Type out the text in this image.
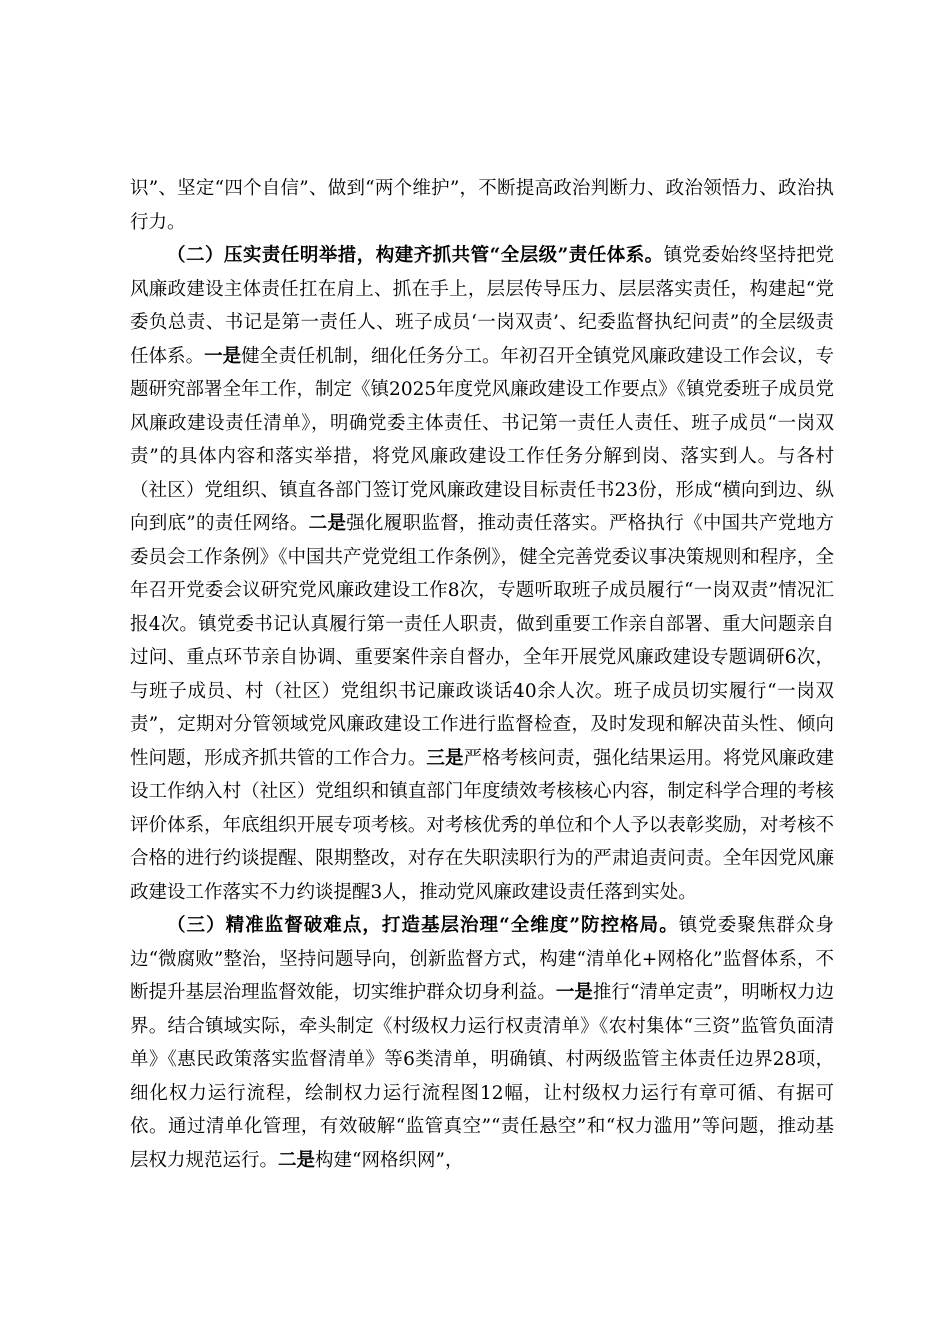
识”、坚定“四个自信”、做到“两个维护”，不断提高政治判断力、政治领悟力、政治执行力。

（二）压实责任明举措，构建齐抓共管“全层级”责任体系。镇党委始终坚持把党风廉政建设主体责任扛在肩上、抓在手上，层层传导压力、层层落实责任，构建起“党委负总责、书记是第一责任人、班子成员‘一岗双责’、纪委监督执纪问责”的全层级责任体系。一是健全责任机制，细化任务分工。年初召开全镇党风廉政建设工作会议，专题研究部署全年工作，制定《镇2025年度党风廉政建设工作要点》《镇党委班子成员党风廉政建设责任清单》，明确党委主体责任、书记第一责任人责任、班子成员“一岗双责”的具体内容和落实举措，将党风廉政建设工作任务分解到岗、落实到人。与各村（社区）党组织、镇直各部门签订党风廉政建设目标责任书23份，形成“横向到边、纵向到底”的责任网络。二是强化履职监督，推动责任落实。严格执行《中国共产党地方委员会工作条例》《中国共产党党组工作条例》，健全完善党委议事决策规则和程序，全年召开党委会议研究党风廉政建设工作8次，专题听取班子成员履行“一岗双责”情况汇报4次。镇党委书记认真履行第一责任人职责，做到重要工作亲自部署、重大问题亲自过问、重点环节亲自协调、重要案件亲自督办，全年开展党风廉政建设专题调研6次，与班子成员、村（社区）党组织书记廉政谈话40余人次。班子成员切实履行“一岗双责”，定期对分管领域党风廉政建设工作进行监督检查，及时发现和解决苗头性、倾向性问题，形成齐抓共管的工作合力。三是严格考核问责，强化结果运用。将党风廉政建设工作纳入村（社区）党组织和镇直部门年度绩效考核核心内容，制定科学合理的考核评价体系，年底组织开展专项考核。对考核优秀的单位和个人予以表彰奖励，对考核不合格的进行约谈提醒、限期整改，对存在失职渎职行为的严肃追责问责。全年因党风廉政建设工作落实不力约谈提醒3人，推动党风廉政建设责任落到实处。

（三）精准监督破难点，打造基层治理“全维度”防控格局。镇党委聚焦群众身边“微腐败”整治，坚持问题导向，创新监督方式，构建“清单化+网格化”监督体系，不断提升基层治理监督效能，切实维护群众切身利益。一是推行“清单定责”，明晰权力边界。结合镇域实际，牵头制定《村级权力运行权责清单》《农村集体“三资”监管负面清单》《惠民政策落实监督清单》等6类清单，明确镇、村两级监管主体责任边界28项，细化权力运行流程，绘制权力运行流程图12幅，让村级权力运行有章可循、有据可依。通过清单化管理，有效破解“监管真空”“责任悬空”和“权力滥用”等问题，推动基层权力规范运行。二是构建“网格织网”，
